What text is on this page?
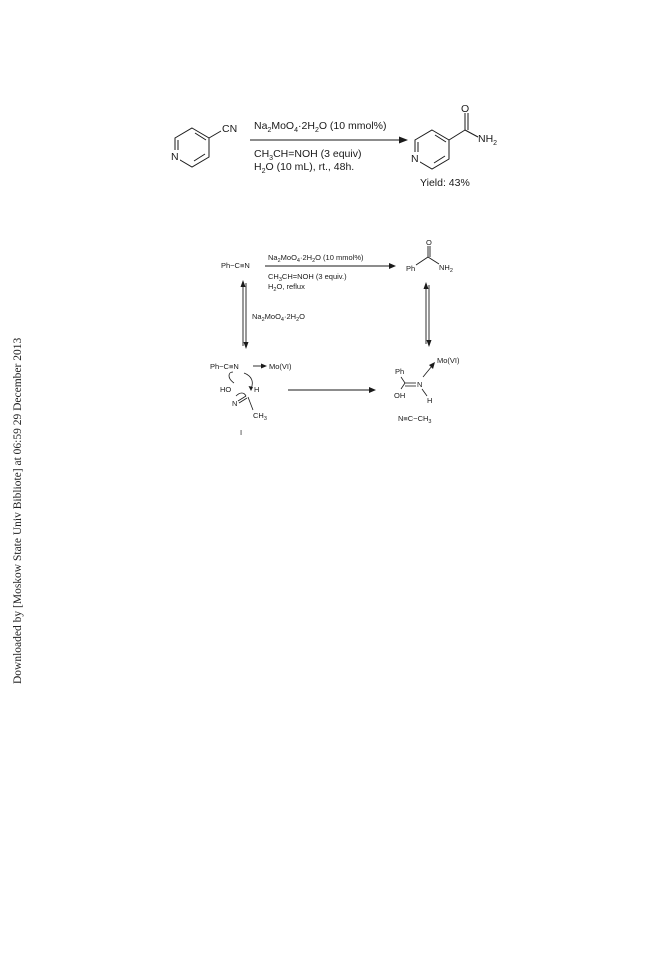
Downloaded by [Moskow State Univ Bibliote] at 06:59 29 December 2013
CN
N
$Na_2MoO_4\cdot 2H_2O$ (10 mmol%)
$CH_3CH=NOH$ (3 equiv)
$H_2O$ (10 mL), rt., 48h.
O
$NH_2$
N
Yield: 43%
Ph−C≡N
$Na_2MoO_4\cdot 2H_2O$ (10 mmol%)
$CH_3CH=NOH$ (3 equiv.)
$H_2O$, reflux
Ph
O
$NH_2$
$Na_2MoO_4\cdot 2H_2O$
Ph−C≡N	Mo(VI)
HO	H
N
$CH_3$
I
Ph
Mo(VI)
N
OH
H
$N\equiv C-CH_3$
